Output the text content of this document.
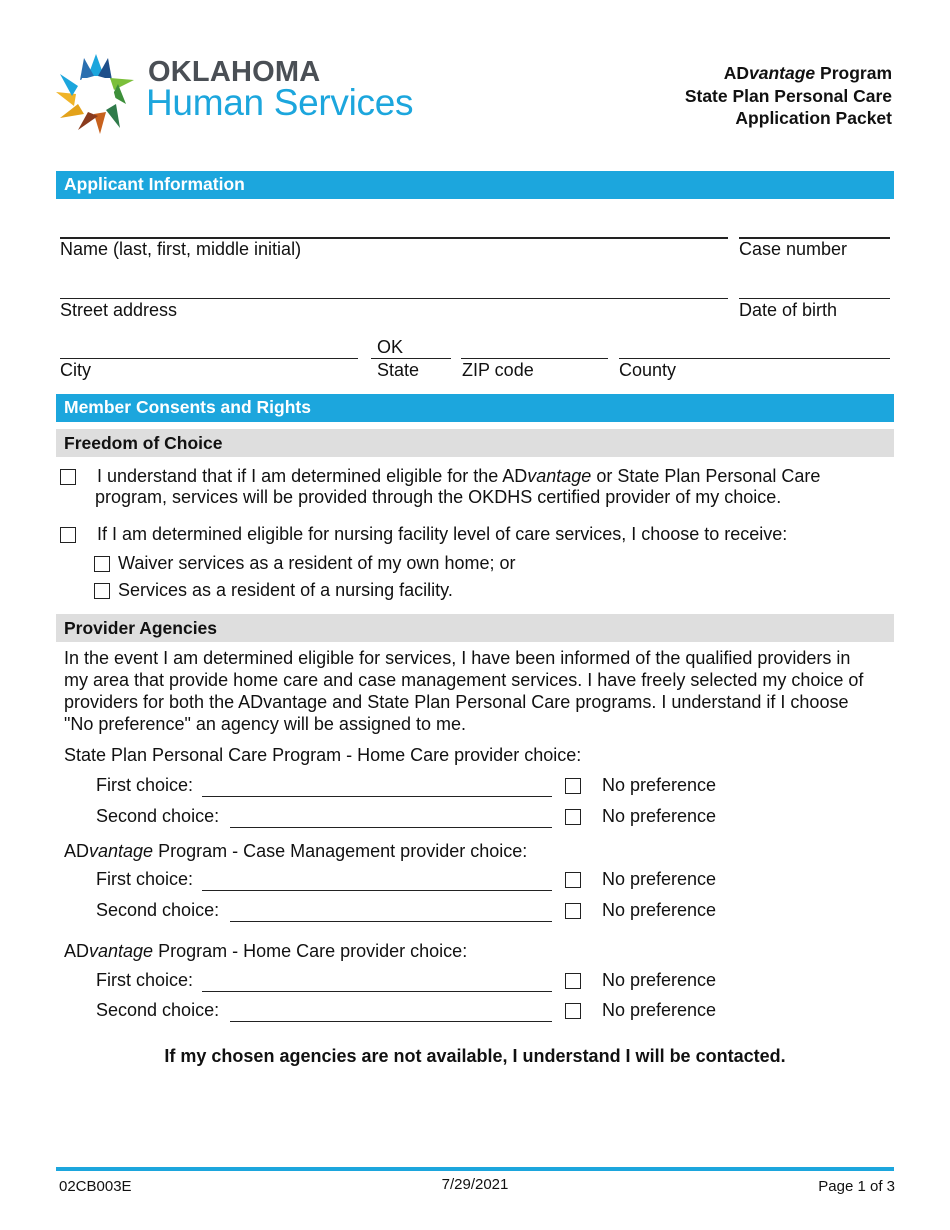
OKLAHOMA
Human Services
ADvantage Program
State Plan Personal Care
Application Packet
Applicant Information
Name (last, first, middle initial)	Case number
Street address	Date of birth
OK
City	State ZIP code	County
Member Consents and Rights
Freedom of Choice
I understand that if I am determined eligible for the ADvantage or State Plan Personal Care
program, services will be provided through the OKDHS certified provider of my choice.
If I am determined eligible for nursing facility level of care services, I choose to receive:
Waiver services as a resident of my own home; or
Services as a resident of a nursing facility.
Provider Agencies
In the event I am determined eligible for services, I have been informed of the qualified providers in
my area that provide home care and case management services. I have freely selected my choice of
providers for both the ADvantage and State Plan Personal Care programs. I understand if I choose
"No preference" an agency will be assigned to me.
State Plan Personal Care Program - Home Care provider choice:
First choice:	No preference
Second choice:	No preference
ADvantage Program - Case Management provider choice:
First choice:	No preference
Second choice:	No preference
ADvantage Program - Home Care provider choice:
First choice:	No preference
Second choice:	No preference
If my chosen agencies are not available, I understand I will be contacted.
02CB003E	7/29/2021	Page 1 of 3
